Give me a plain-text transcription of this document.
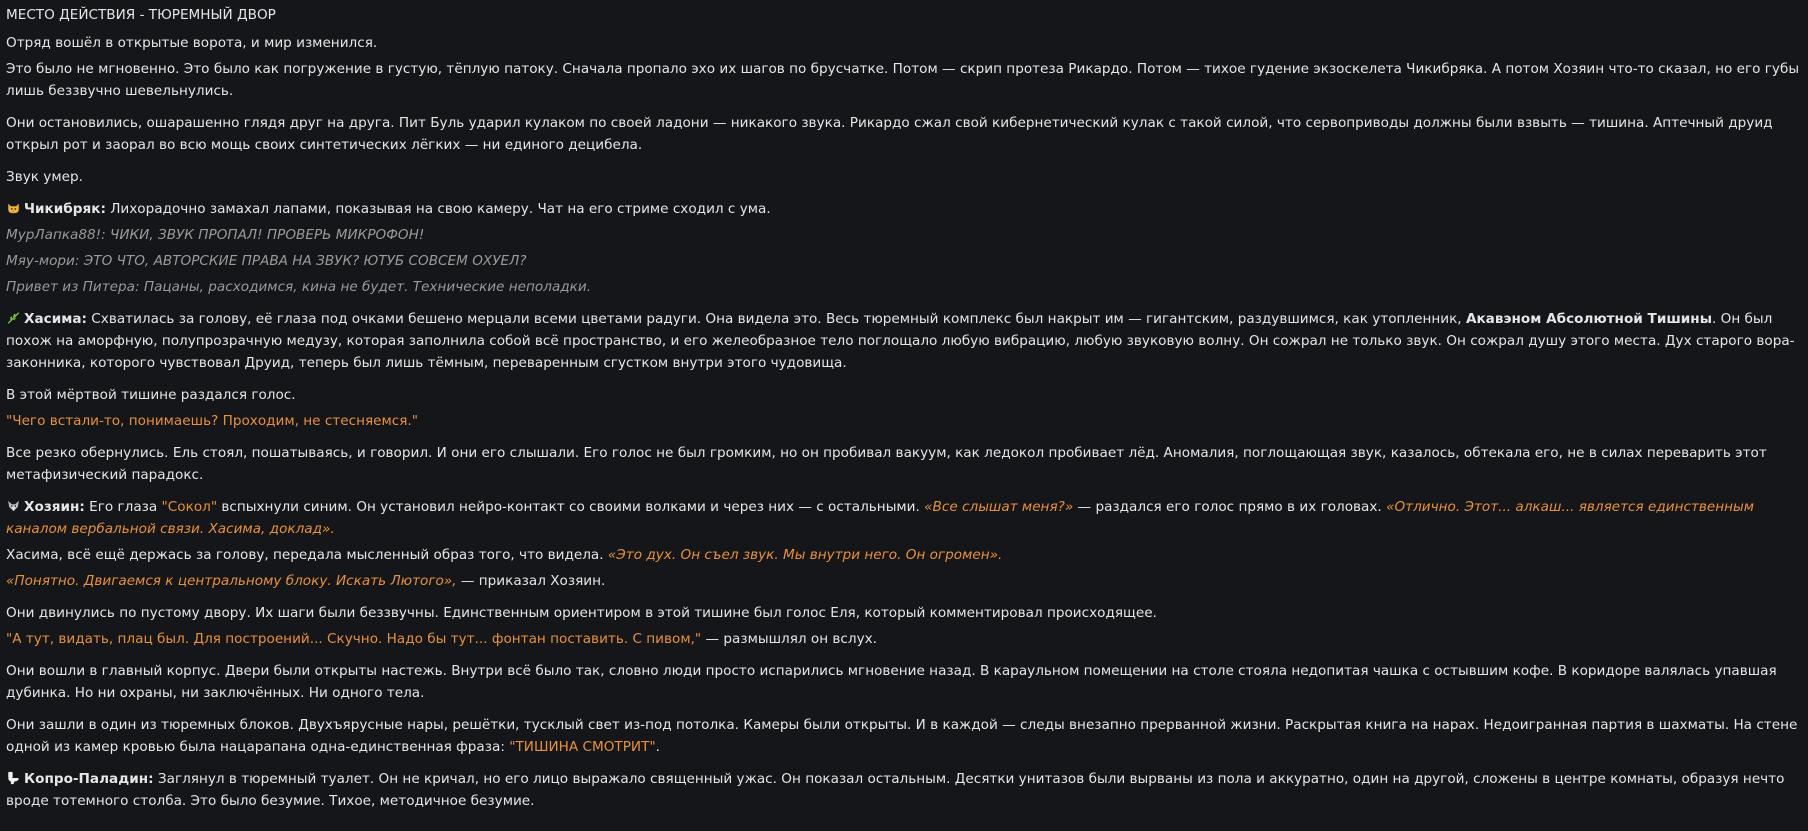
МЕСТО ДЕЙСТВИЯ - ТЮРЕМНЫЙ ДВОР

Отряд вошёл в открытые ворота, и мир изменился.

Это было не мгновенно. Это было как погружение в густую, тёплую патоку. Сначала пропало эхо их шагов по брусчатке. Потом — скрип протеза Рикардо. Потом — тихое гудение экзоскелета Чикибряка. А потом Хозяин что-то сказал, но его губы лишь беззвучно шевельнулись.

Они остановились, ошарашенно глядя друг на друга. Пит Буль ударил кулаком по своей ладони — никакого звука. Рикардо сжал свой кибернетический кулак с такой силой, что сервоприводы должны были взвыть — тишина. Аптечный друид открыл рот и заорал во всю мощь своих синтетических лёгких — ни единого децибела.

Звук умер.

Чикибряк: Лихорадочно замахал лапами, показывая на свою камеру. Чат на его стриме сходил с ума.

МурЛапка88!: ЧИКИ, ЗВУК ПРОПАЛ! ПРОВЕРЬ МИКРОФОН!

Мяу-мори: ЭТО ЧТО, АВТОРСКИЕ ПРАВА НА ЗВУК? ЮТУБ СОВСЕМ ОХУЕЛ?

Привет из Питера: Пацаны, расходимся, кина не будет. Технические неполадки.

Хасима: Схватилась за голову, её глаза под очками бешено мерцали всеми цветами радуги. Она видела это. Весь тюремный комплекс был накрыт им — гигантским, раздувшимся, как утопленник, Акавэном Абсолютной Тишины. Он был похож на аморфную, полупрозрачную медузу, которая заполнила собой всё пространство, и его желеобразное тело поглощало любую вибрацию, любую звуковую волну. Он сожрал не только звук. Он сожрал душу этого места. Дух старого вора-законника, которого чувствовал Друид, теперь был лишь тёмным, переваренным сгустком внутри этого чудовища.

В этой мёртвой тишине раздался голос.

"Чего встали-то, понимаешь? Проходим, не стесняемся."

Все резко обернулись. Ель стоял, пошатываясь, и говорил. И они его слышали. Его голос не был громким, но он пробивал вакуум, как ледокол пробивает лёд. Аномалия, поглощающая звук, казалось, обтекала его, не в силах переварить этот метафизический парадокс.

Хозяин: Его глаза "Сокол" вспыхнули синим. Он установил нейро-контакт со своими волками и через них — с остальными. «Все слышат меня?» — раздался его голос прямо в их головах. «Отлично. Этот... алкаш... является единственным каналом вербальной связи. Хасима, доклад».

Хасима, всё ещё держась за голову, передала мысленный образ того, что видела. «Это дух. Он съел звук. Мы внутри него. Он огромен».

«Понятно. Двигаемся к центральному блоку. Искать Лютого», — приказал Хозяин.

Они двинулись по пустому двору. Их шаги были беззвучны. Единственным ориентиром в этой тишине был голос Еля, который комментировал происходящее.

"А тут, видать, плац был. Для построений... Скучно. Надо бы тут... фонтан поставить. С пивом," — размышлял он вслух.

Они вошли в главный корпус. Двери были открыты настежь. Внутри всё было так, словно люди просто испарились мгновение назад. В караульном помещении на столе стояла недопитая чашка с остывшим кофе. В коридоре валялась упавшая дубинка. Но ни охраны, ни заключённых. Ни одного тела.

Они зашли в один из тюремных блоков. Двухъярусные нары, решётки, тусклый свет из-под потолка. Камеры были открыты. И в каждой — следы внезапно прерванной жизни. Раскрытая книга на нарах. Недоигранная партия в шахматы. На стене одной из камер кровью была нацарапана одна-единственная фраза: "ТИШИНА СМОТРИТ".

Копро-Паладин: Заглянул в тюремный туалет. Он не кричал, но его лицо выражало священный ужас. Он показал остальным. Десятки унитазов были вырваны из пола и аккуратно, один на другой, сложены в центре комнаты, образуя нечто вроде тотемного столба. Это было безумие. Тихое, методичное безумие.
